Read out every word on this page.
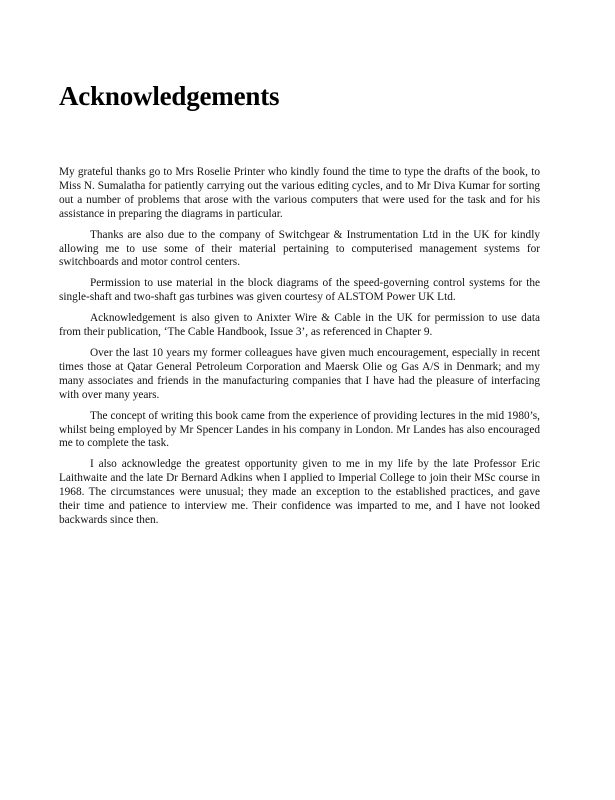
Acknowledgements

My grateful thanks go to Mrs Roselie Printer who kindly found the time to type the drafts of the book, to Miss N. Sumalatha for patiently carrying out the various editing cycles, and to Mr Diva Kumar for sorting out a number of problems that arose with the various computers that were used for the task and for his assistance in preparing the diagrams in particular.

Thanks are also due to the company of Switchgear & Instrumentation Ltd in the UK for kindly allowing me to use some of their material pertaining to computerised management systems for switchboards and motor control centers.

Permission to use material in the block diagrams of the speed-governing control systems for the single-shaft and two-shaft gas turbines was given courtesy of ALSTOM Power UK Ltd.

Acknowledgement is also given to Anixter Wire & Cable in the UK for permission to use data from their publication, ‘The Cable Handbook, Issue 3’, as referenced in Chapter 9.

Over the last 10 years my former colleagues have given much encouragement, especially in recent times those at Qatar General Petroleum Corporation and Maersk Olie og Gas A/S in Denmark; and my many associates and friends in the manufacturing companies that I have had the pleasure of interfacing with over many years.

The concept of writing this book came from the experience of providing lectures in the mid 1980’s, whilst being employed by Mr Spencer Landes in his company in London. Mr Landes has also encouraged me to complete the task.

I also acknowledge the greatest opportunity given to me in my life by the late Professor Eric Laithwaite and the late Dr Bernard Adkins when I applied to Imperial College to join their MSc course in 1968. The circumstances were unusual; they made an exception to the established practices, and gave their time and patience to interview me. Their confidence was imparted to me, and I have not looked backwards since then.
